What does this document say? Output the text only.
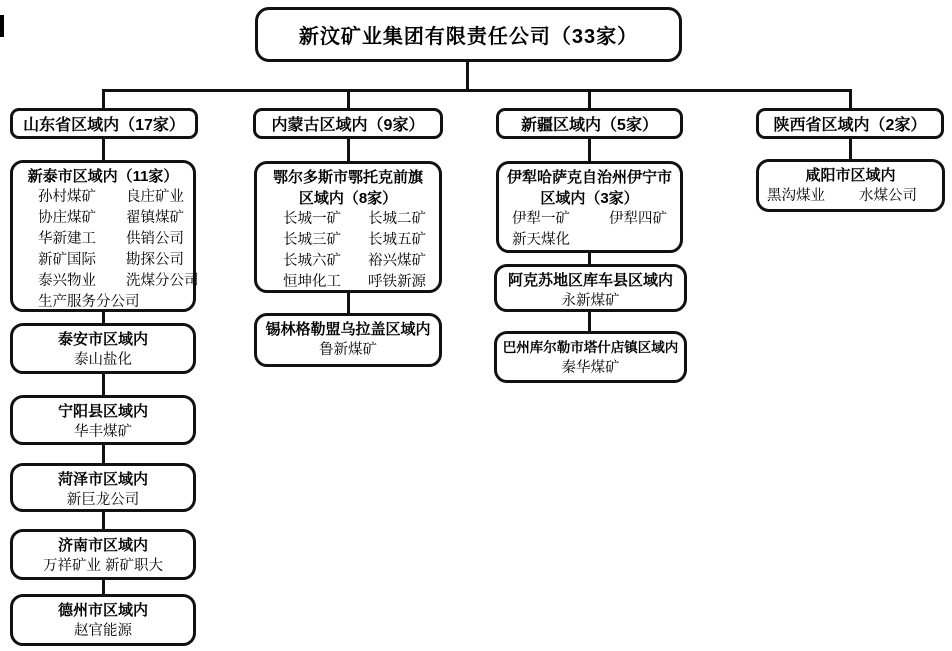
新汶矿业集团有限责任公司（33家）
山东省区域内（17家）	内蒙古区域内（9家）	新疆区域内（5家）	陕西省区域内（2家）
新泰市区域内（11家）
孙村煤矿	良庄矿业
协庄煤矿	翟镇煤矿
华新建工	供销公司
新矿国际	勘探公司
泰兴物业	洗煤分公司
生产服务分公司
泰安市区域内
泰山盐化
宁阳县区域内
华丰煤矿
菏泽市区域内
新巨龙公司
济南市区域内
万祥矿业 新矿职大
德州市区域内
赵官能源
鄂尔多斯市鄂托克前旗
区域内（8家）
长城一矿	长城二矿
长城三矿	长城五矿
长城六矿	裕兴煤矿
恒坤化工	呼铁新源
锡林格勒盟乌拉盖区域内
鲁新煤矿
伊犁哈萨克自治州伊宁市
区域内（3家）
伊犁一矿	伊犁四矿
新天煤化
阿克苏地区库车县区域内
永新煤矿
巴州库尔勒市塔什店镇区域内
秦华煤矿
咸阳市区域内
黑沟煤业	水煤公司
